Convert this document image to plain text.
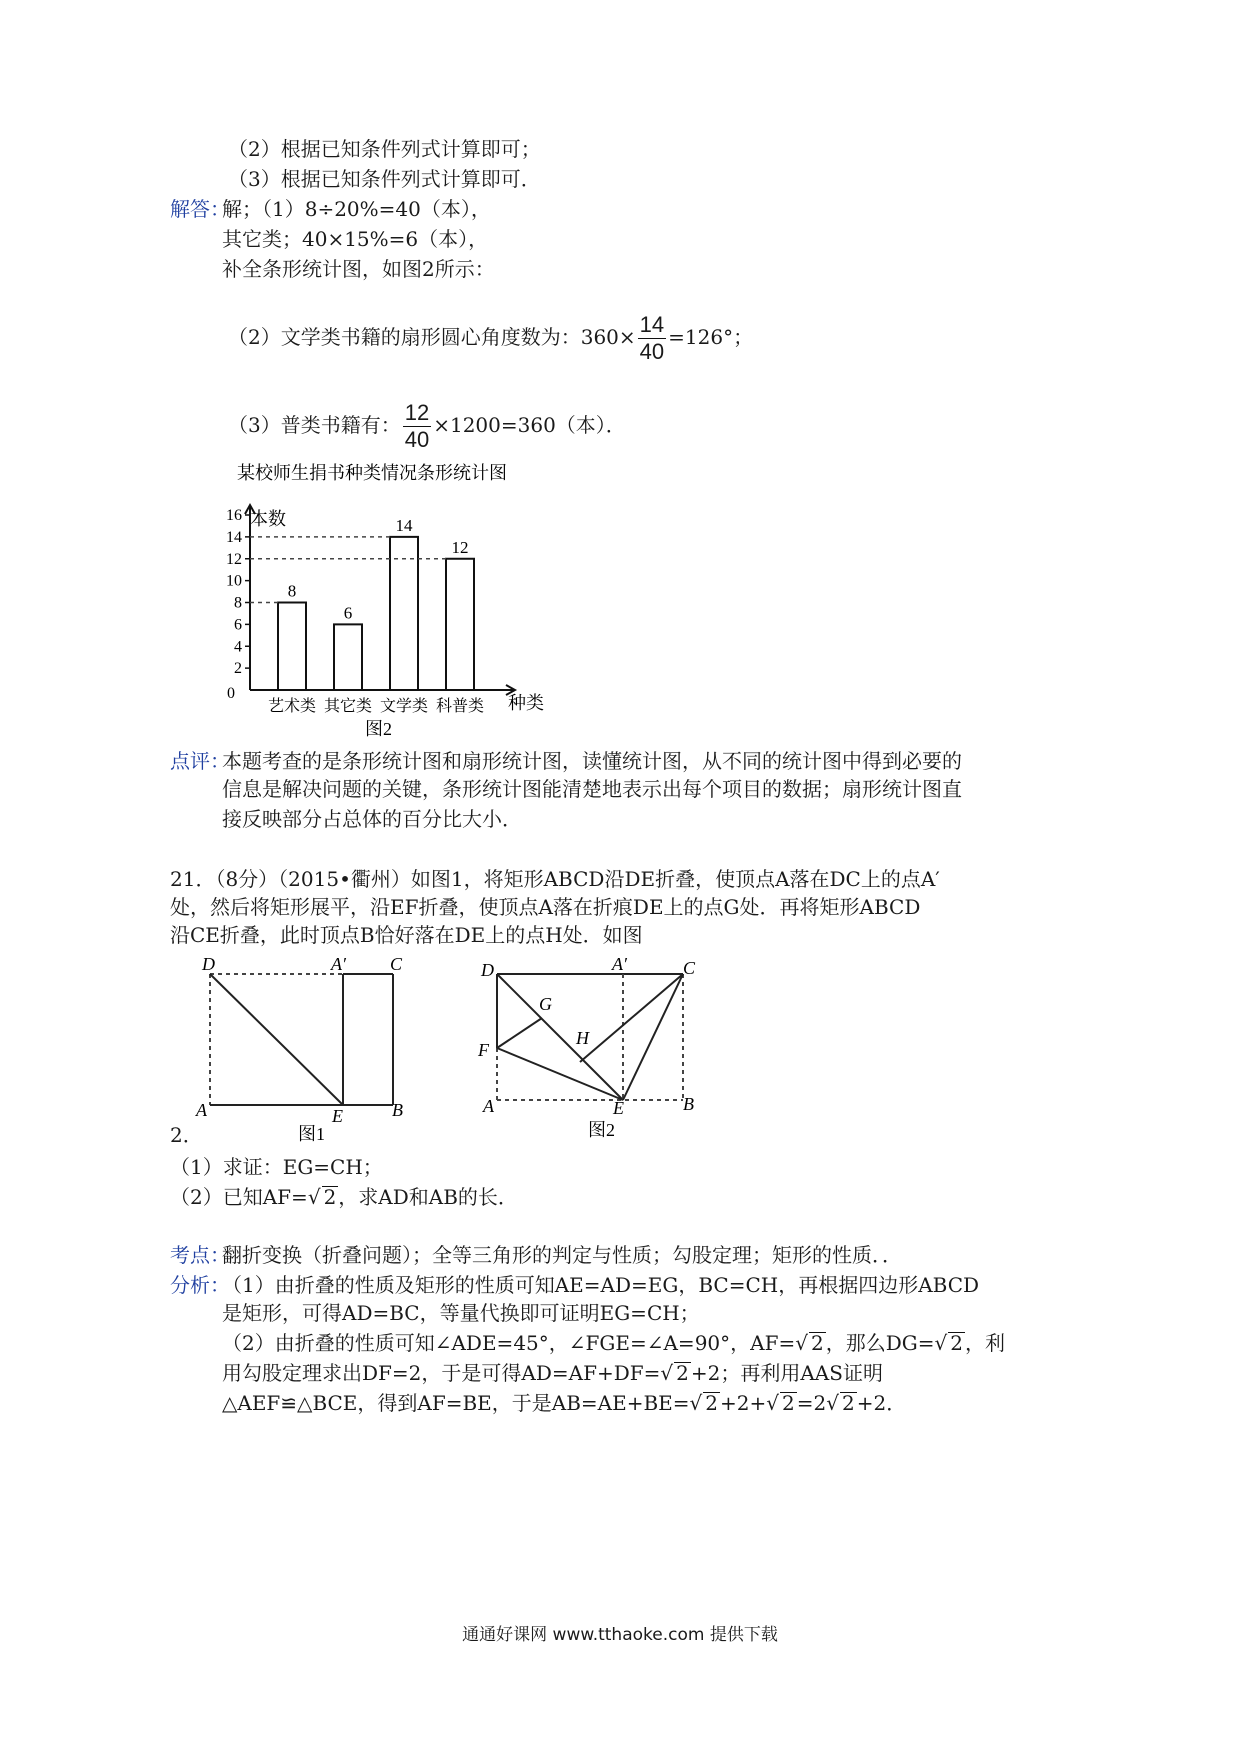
（2）根据已知条件列式计算即可；
（3）根据已知条件列式计算即可．
解答：
解；（1）8÷20%=40（本），
其它类；40×15%=6（本），
补全条形统计图，如图2所示：
（2）文学类书籍的扇形圆心角度数为：$360\times \frac{14}{40} =126^\circ$；
（3）普类书籍有： $\frac{12}{40} \times 1200=360$（本）．
某校师生捐书种类情况条形统计图
本数
种类
图2
0
2
4
6
8
10
12
14
16
8
艺术类
6
其它类
14
文学类
12
科普类
点评：
本题考查的是条形统计图和扇形统计图，读懂统计图，从不同的统计图中得到必要的
信息是解决问题的关键，条形统计图能清楚地表示出每个项目的数据；扇形统计图直
接反映部分占总体的百分比大小．
21．（8分）（2015•衢州）如图1，将矩形ABCD沿DE折叠，使顶点A落在DC上的点A′
处，然后将矩形展平，沿EF折叠，使顶点A落在折痕DE上的点G处．再将矩形ABCD
沿CE折叠，此时顶点B恰好落在DE上的点H处．如图
D	A′ C
A	E	B
图1
D	A′	C
G
H
F
A	E	B
图2
2．
（1）求证：EG=CH；
（2）已知AF=√ 2 ，求AD和AB的长．
考点：
翻折变换（折叠问题）；全等三角形的判定与性质；勾股定理；矩形的性质．．
分析：
（1）由折叠的性质及矩形的性质可知AE=AD=EG，BC=CH，再根据四边形ABCD
是矩形，可得AD=BC，等量代换即可证明EG=CH；
（2）由折叠的性质可知∠ADE=45°，∠FGE=∠A=90°，AF=√ 2 ，那么DG=√ 2 ，利
用勾股定理求出DF=2，于是可得AD=AF+DF=√ 2 +2；再利用AAS证明
△AEF≌△BCE，得到AF=BE，于是AB=AE+BE=√ 2 +2+√ 2 =2√ 2 +2．
通通好课网 www.tthaoke.com 提供下载
